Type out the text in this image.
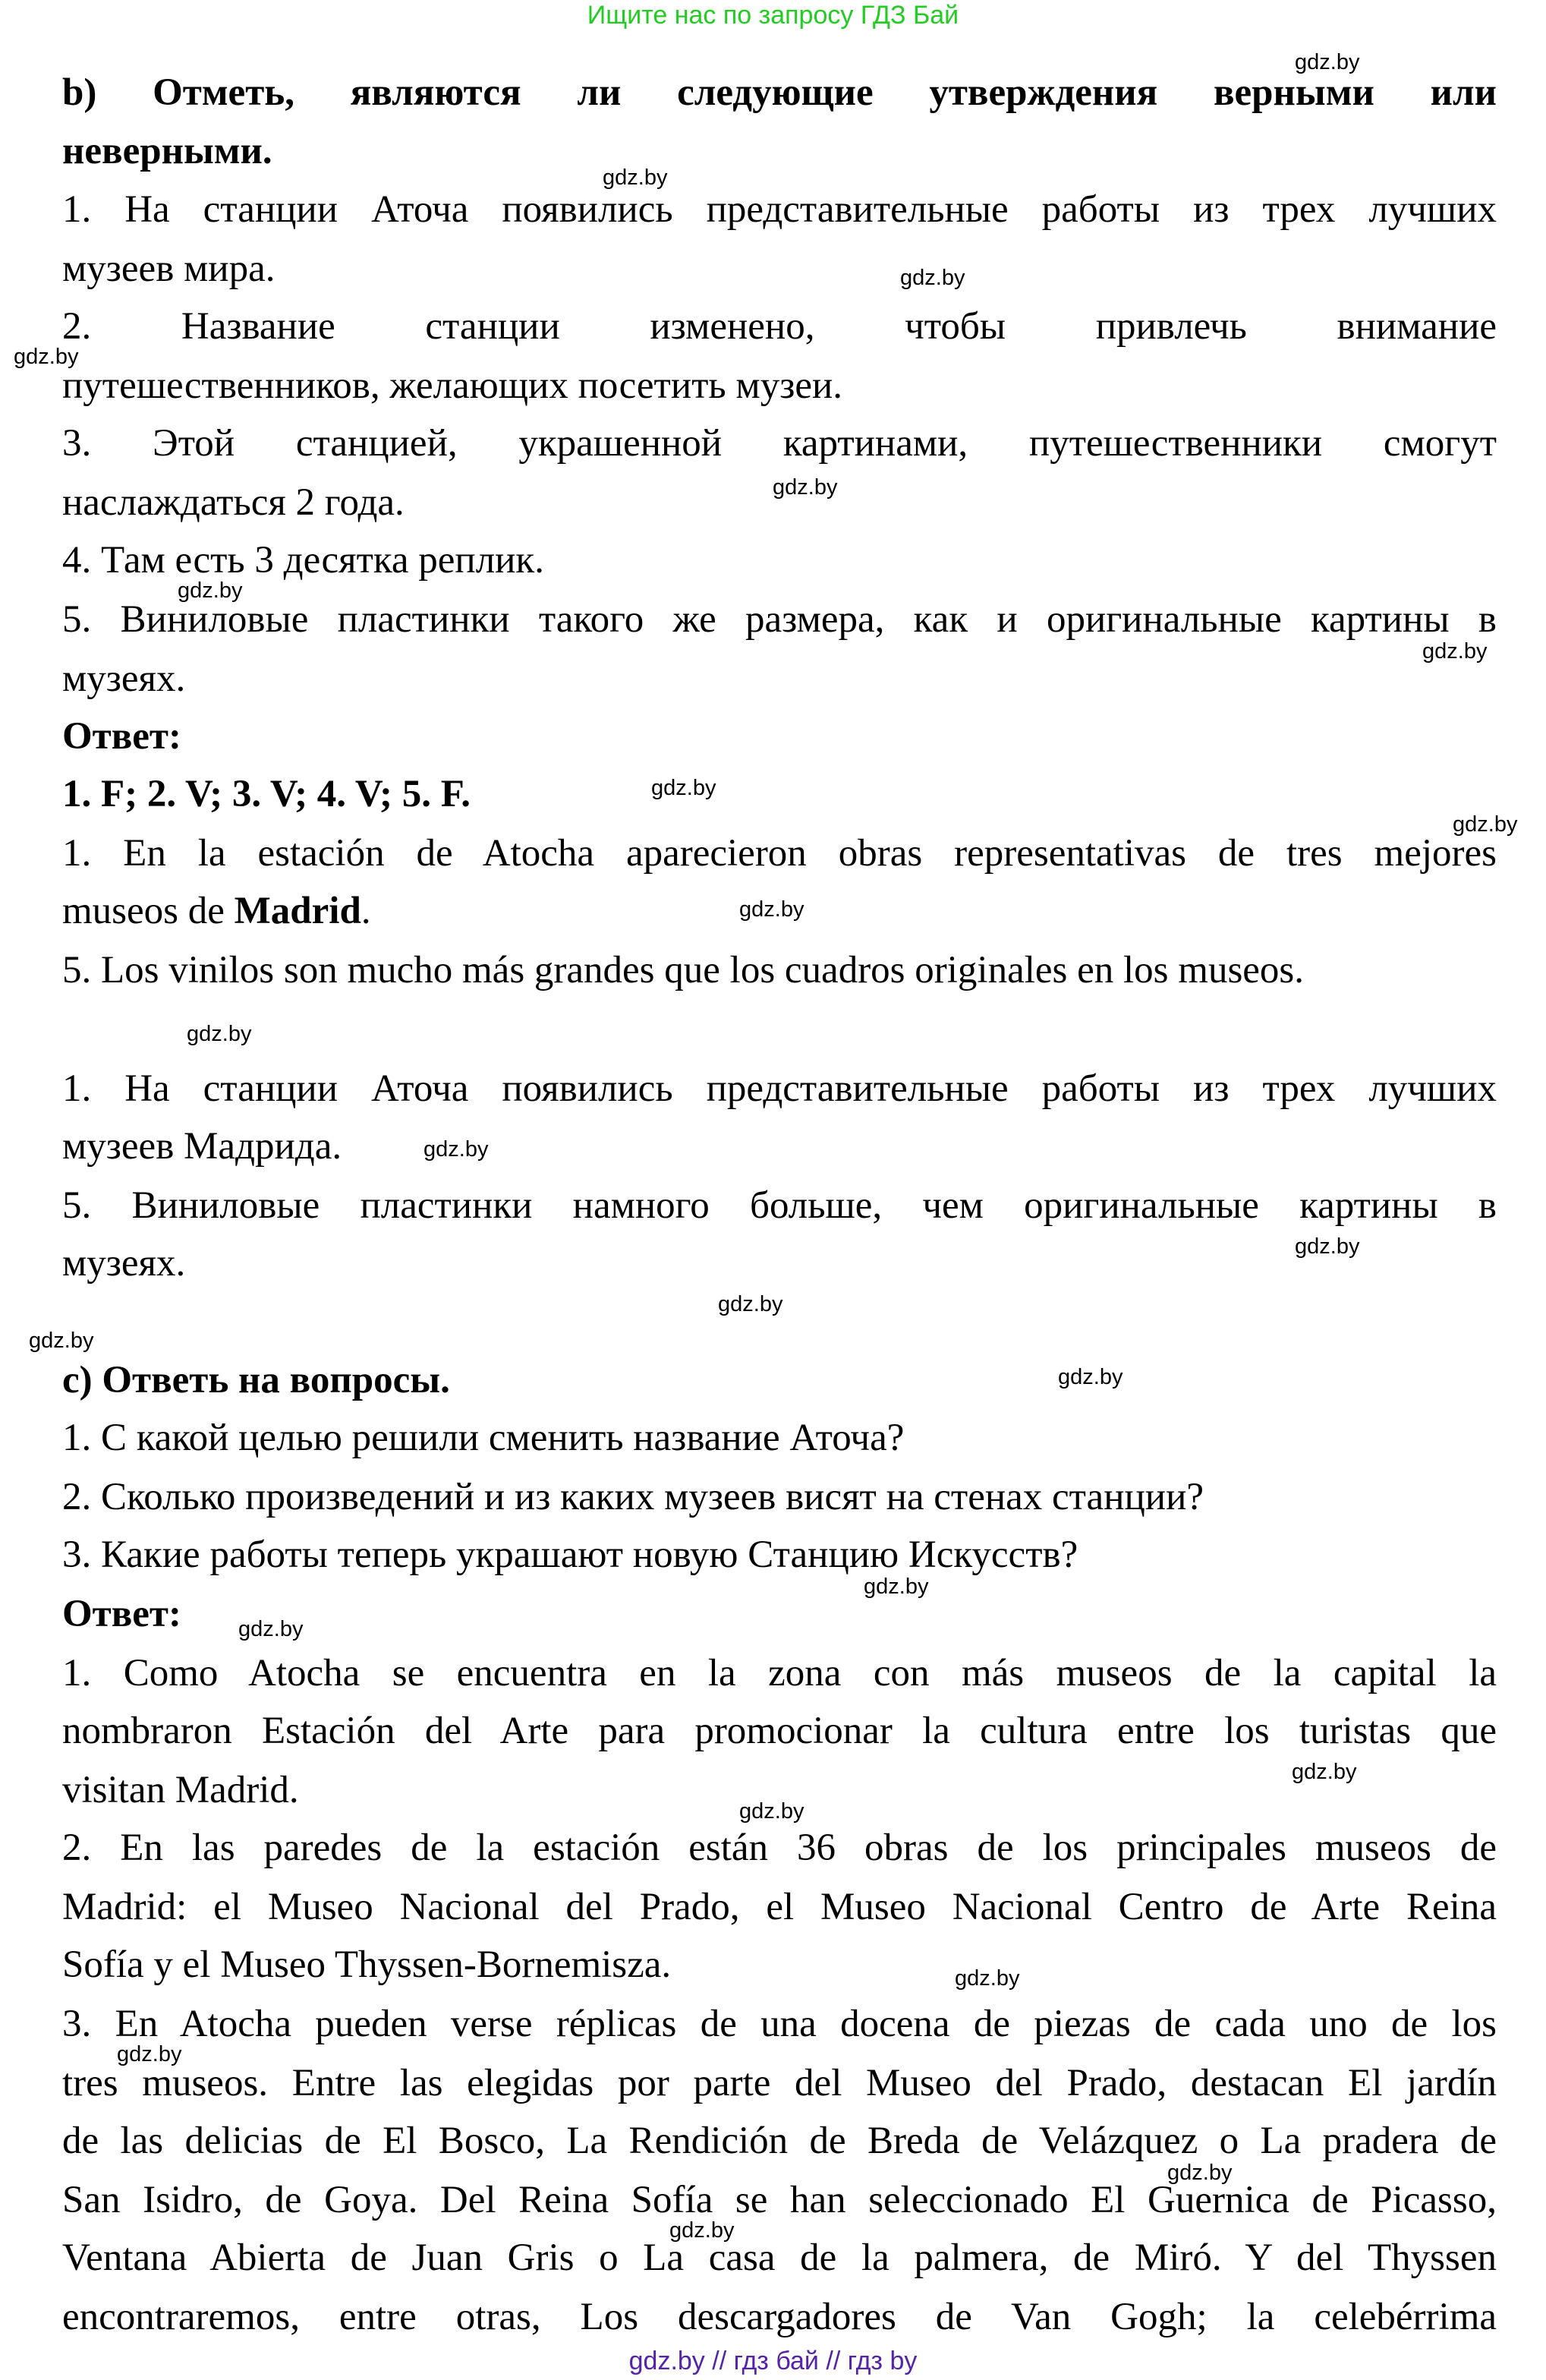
Ищите нас по запросу ГДЗ Бай
b) Отметь, являются ли следующие утверждения верными или
неверными.
1. На станции Аточа появились представительные работы из трех лучших
музеев мира.
2. Название станции изменено, чтобы привлечь внимание
путешественников, желающих посетить музеи.
3. Этой станцией, украшенной картинами, путешественники смогут
наслаждаться 2 года.
4. Там есть 3 десятка реплик.
5. Виниловые пластинки такого же размера, как и оригинальные картины в
музеях.
Ответ:
1. F; 2. V; 3. V; 4. V; 5. F.
1. En la estación de Atocha aparecieron obras representativas de tres mejores
museos de Madrid.
5. Los vinilos son mucho más grandes que los cuadros originales en los museos.
1. На станции Аточа появились представительные работы из трех лучших
музеев Мадрида.
5. Виниловые пластинки намного больше, чем оригинальные картины в
музеях.
c) Ответь на вопросы.
1. С какой целью решили сменить название Аточа?
2. Сколько произведений и из каких музеев висят на стенах станции?
3. Какие работы теперь украшают новую Станцию Искусств?
Ответ:
1. Como Atocha se encuentra en la zona con más museos de la capital la
nombraron Estación del Arte para promocionar la cultura entre los turistas que
visitan Madrid.
2. En las paredes de la estación están 36 obras de los principales museos de
Madrid: el Museo Nacional del Prado, el Museo Nacional Centro de Arte Reina
Sofía y el Museo Thyssen-Bornemisza.
3. En Atocha pueden verse réplicas de una docena de piezas de cada uno de los
tres museos. Entre las elegidas por parte del Museo del Prado, destacan El jardín
de las delicias de El Bosco, La Rendición de Breda de Velázquez o La pradera de
San Isidro, de Goya. Del Reina Sofía se han seleccionado El Guernica de Picasso,
Ventana Abierta de Juan Gris o La casa de la palmera, de Miró. Y del Thyssen
encontraremos, entre otras, Los descargadores de Van Gogh; la celebérrima
gdz.by
gdz.by
gdz.by
gdz.by
gdz.by
gdz.by
gdz.by
gdz.by
gdz.by
gdz.by
gdz.by
gdz.by
gdz.by
gdz.by
gdz.by
gdz.by
gdz.by
gdz.by
gdz.by
gdz.by
gdz.by
gdz.by
gdz.by
gdz.by
gdz.by // гдз бай // гдз by
